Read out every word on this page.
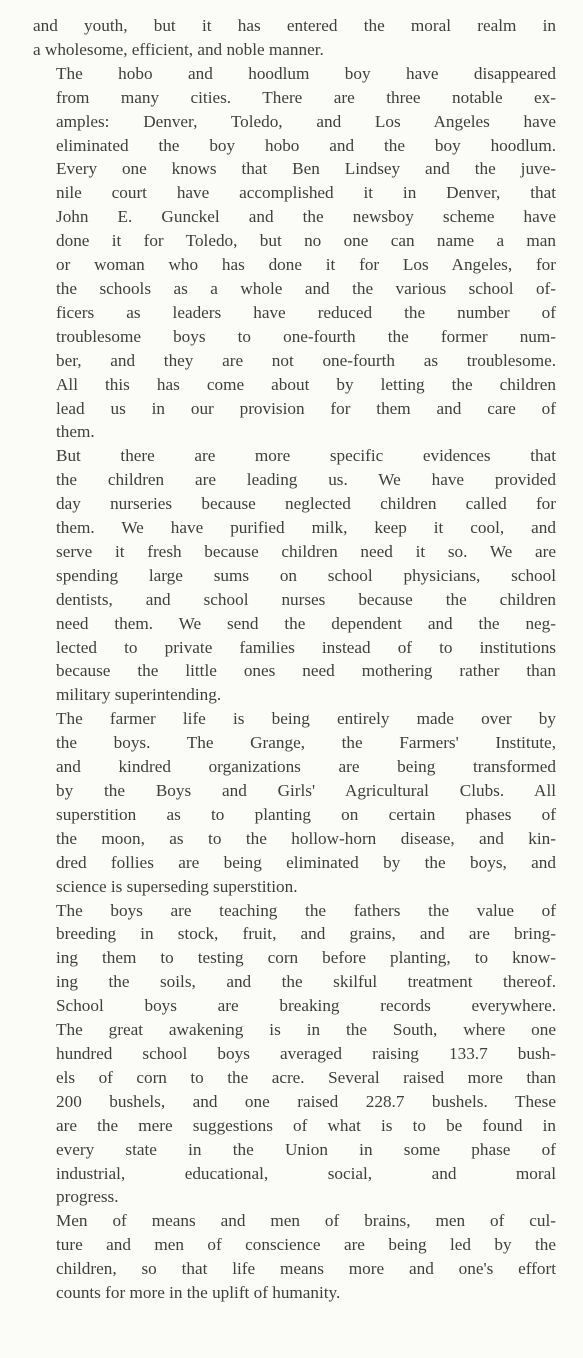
and youth, but it has entered the moral realm in
a wholesome, efficient, and noble manner.
The hobo and hoodlum boy have disappeared
from many cities. There are three notable ex-
amples: Denver, Toledo, and Los Angeles have
eliminated the boy hobo and the boy hoodlum.
Every one knows that Ben Lindsey and the juve-
nile court have accomplished it in Denver, that
John E. Gunckel and the newsboy scheme have
done it for Toledo, but no one can name a man
or woman who has done it for Los Angeles, for
the schools as a whole and the various school of-
ficers as leaders have reduced the number of
troublesome boys to one-fourth the former num-
ber, and they are not one-fourth as troublesome.
All this has come about by letting the children
lead us in our provision for them and care of
them.
But there are more specific evidences that
the children are leading us. We have provided
day nurseries because neglected children called for
them. We have purified milk, keep it cool, and
serve it fresh because children need it so. We are
spending large sums on school physicians, school
dentists, and school nurses because the children
need them. We send the dependent and the neg-
lected to private families instead of to institutions
because the little ones need mothering rather than
military superintending.
The farmer life is being entirely made over by
the boys. The Grange, the Farmers' Institute,
and kindred organizations are being transformed
by the Boys and Girls' Agricultural Clubs. All
superstition as to planting on certain phases of
the moon, as to the hollow-horn disease, and kin-
dred follies are being eliminated by the boys, and
science is superseding superstition.
The boys are teaching the fathers the value of
breeding in stock, fruit, and grains, and are bring-
ing them to testing corn before planting, to know-
ing the soils, and the skilful treatment thereof.
School boys are breaking records everywhere.
The great awakening is in the South, where one
hundred school boys averaged raising 133.7 bush-
els of corn to the acre. Several raised more than
200 bushels, and one raised 228.7 bushels. These
are the mere suggestions of what is to be found in
every state in the Union in some phase of
industrial, educational, social, and moral
progress.
Men of means and men of brains, men of cul-
ture and men of conscience are being led by the
children, so that life means more and one's effort
counts for more in the uplift of humanity.
